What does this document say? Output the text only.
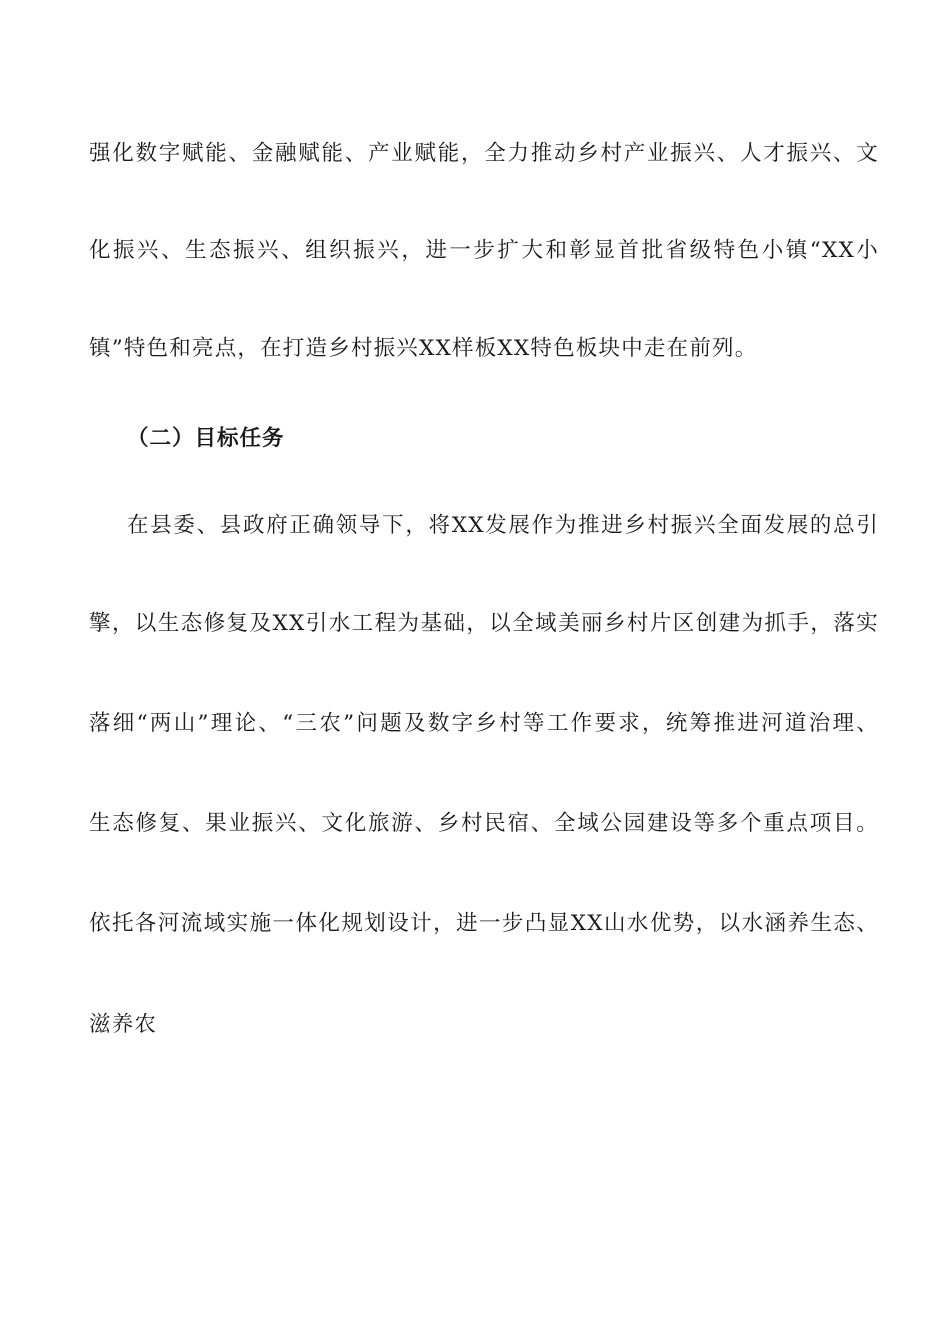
强化数字赋能、金融赋能、产业赋能，全力推动乡村产业振兴、人才振兴、文
化振兴、生态振兴、组织振兴，进一步扩大和彰显首批省级特色小镇“XX小
镇”特色和亮点，在打造乡村振兴XX样板XX特色板块中走在前列。
（二）目标任务
在县委、县政府正确领导下，将XX发展作为推进乡村振兴全面发展的总引
擎，以生态修复及XX引水工程为基础，以全域美丽乡村片区创建为抓手，落实
落细“两山”理论、“三农”问题及数字乡村等工作要求，统筹推进河道治理、
生态修复、果业振兴、文化旅游、乡村民宿、全域公园建设等多个重点项目。
依托各河流域实施一体化规划设计，进一步凸显XX山水优势，以水涵养生态、
滋养农
